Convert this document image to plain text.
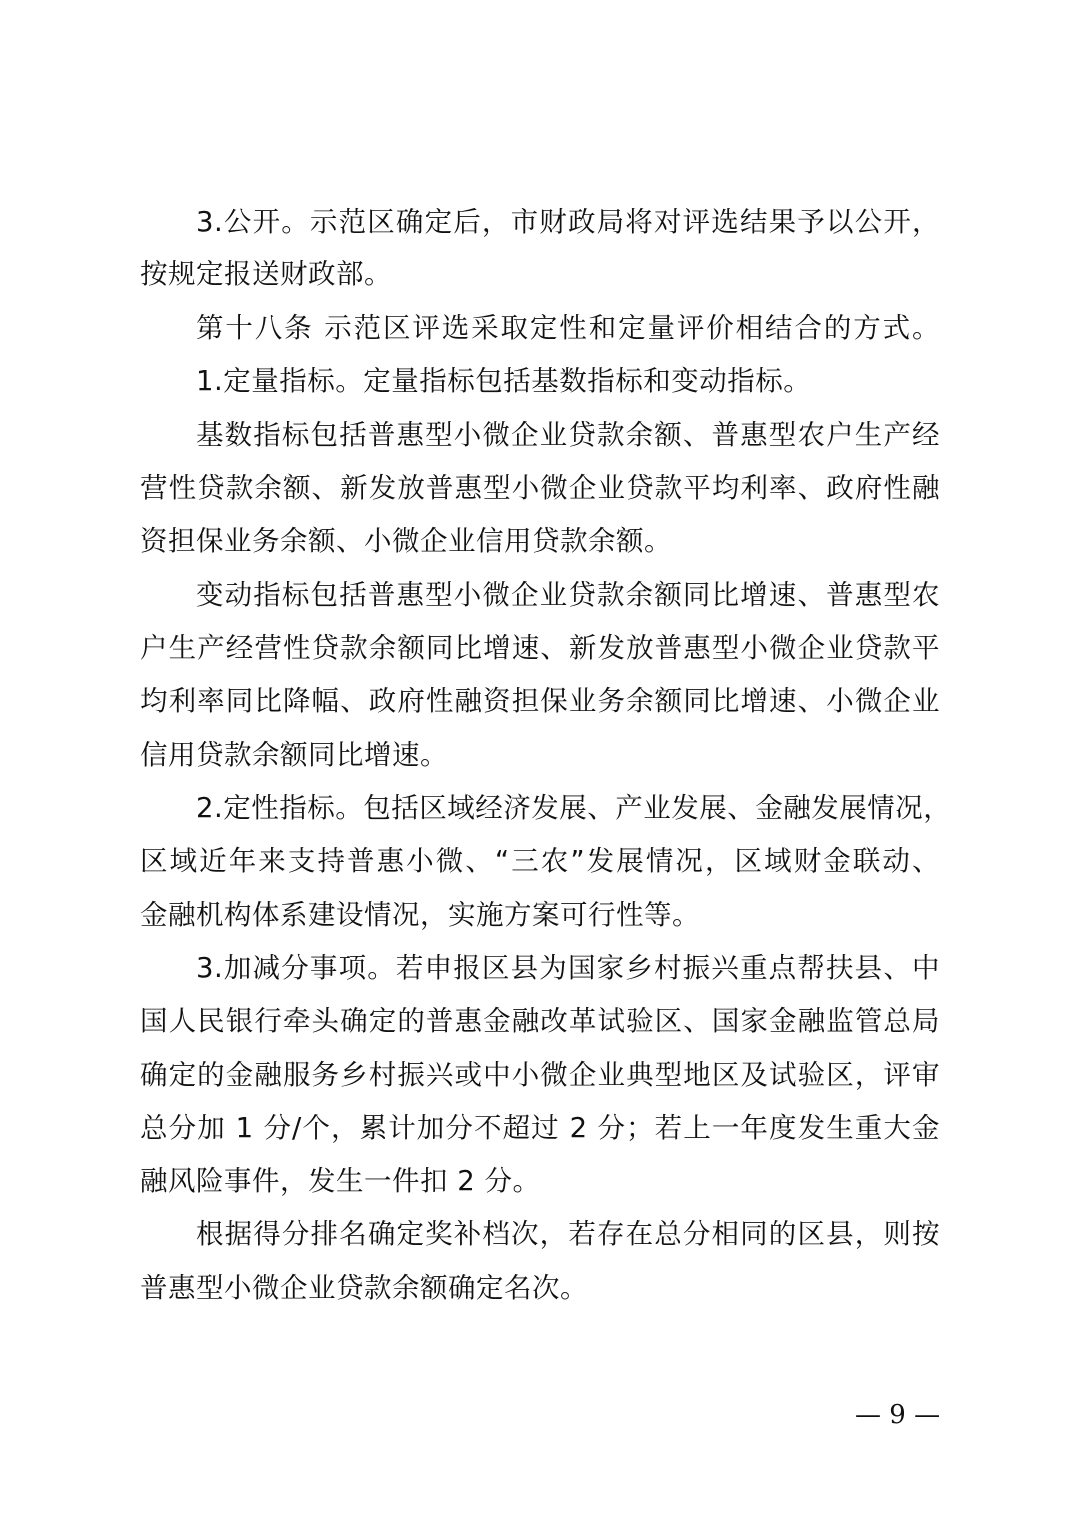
3.公开。示范区确定后，市财政局将对评选结果予以公开，
按规定报送财政部。
第十八条 示范区评选采取定性和定量评价相结合的方式。
1.定量指标。定量指标包括基数指标和变动指标。
基数指标包括普惠型小微企业贷款余额、普惠型农户生产经
营性贷款余额、新发放普惠型小微企业贷款平均利率、政府性融
资担保业务余额、小微企业信用贷款余额。
变动指标包括普惠型小微企业贷款余额同比增速、普惠型农
户生产经营性贷款余额同比增速、新发放普惠型小微企业贷款平
均利率同比降幅、政府性融资担保业务余额同比增速、小微企业
信用贷款余额同比增速。
2.定性指标。包括区域经济发展、产业发展、金融发展情况，
区域近年来支持普惠小微、“三农”发展情况，区域财金联动、
金融机构体系建设情况，实施方案可行性等。
3.加减分事项。若申报区县为国家乡村振兴重点帮扶县、中
国人民银行牵头确定的普惠金融改革试验区、国家金融监管总局
确定的金融服务乡村振兴或中小微企业典型地区及试验区，评审
总分加 1 分/个，累计加分不超过 2 分；若上一年度发生重大金
融风险事件，发生一件扣 2 分。
根据得分排名确定奖补档次，若存在总分相同的区县，则按
普惠型小微企业贷款余额确定名次。
— 9 —
